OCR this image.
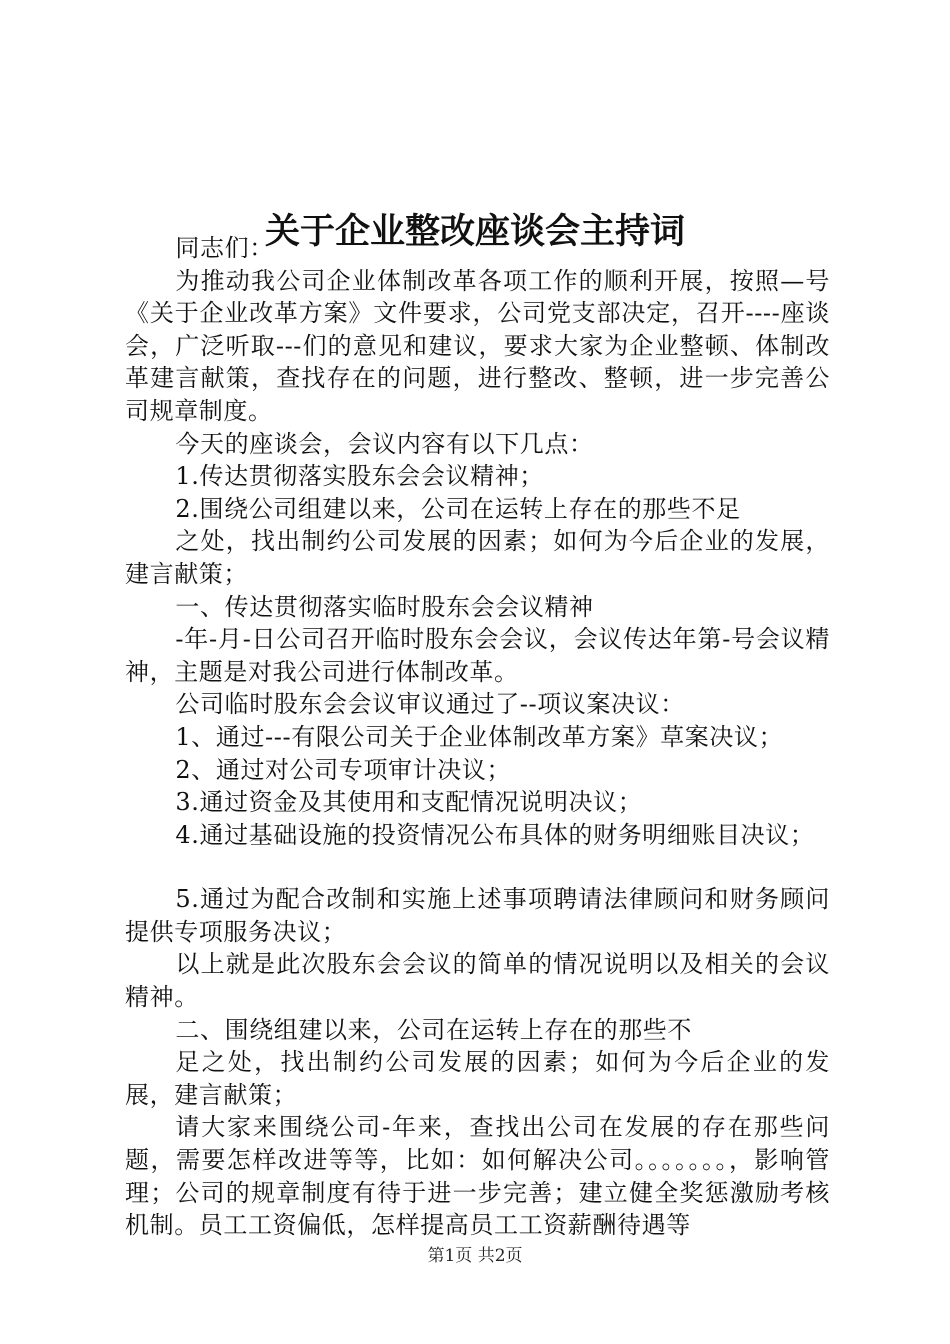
关于企业整改座谈会主持词

同志们：

为推动我公司企业体制改革各项工作的顺利开展，按照—号《关于企业改革方案》文件要求，公司党支部决定，召开----座谈会，广泛听取---们的意见和建议，要求大家为企业整顿、体制改革建言献策，查找存在的问题，进行整改、整顿，进一步完善公司规章制度。

今天的座谈会，会议内容有以下几点：

1.传达贯彻落实股东会会议精神；

2.围绕公司组建以来，公司在运转上存在的那些不足

之处，找出制约公司发展的因素；如何为今后企业的发展，建言献策；

一、传达贯彻落实临时股东会会议精神

-年-月-日公司召开临时股东会会议，会议传达年第-号会议精神，主题是对我公司进行体制改革。

公司临时股东会会议审议通过了--项议案决议：

1、通过---有限公司关于企业体制改革方案》草案决议；

2、通过对公司专项审计决议；

3.通过资金及其使用和支配情况说明决议；

4.通过基础设施的投资情况公布具体的财务明细账目决议；

5.通过为配合改制和实施上述事项聘请法律顾问和财务顾问提供专项服务决议；

以上就是此次股东会会议的简单的情况说明以及相关的会议精神。

二、围绕组建以来，公司在运转上存在的那些不

足之处，找出制约公司发展的因素；如何为今后企业的发展，建言献策；

请大家来围绕公司-年来，查找出公司在发展的存在那些问题，需要怎样改进等等，比如：如何解决公司。。。。。。。，影响管理；公司的规章制度有待于进一步完善；建立健全奖惩激励考核机制。员工工资偏低，怎样提高员工工资薪酬待遇等

第1页 共2页
